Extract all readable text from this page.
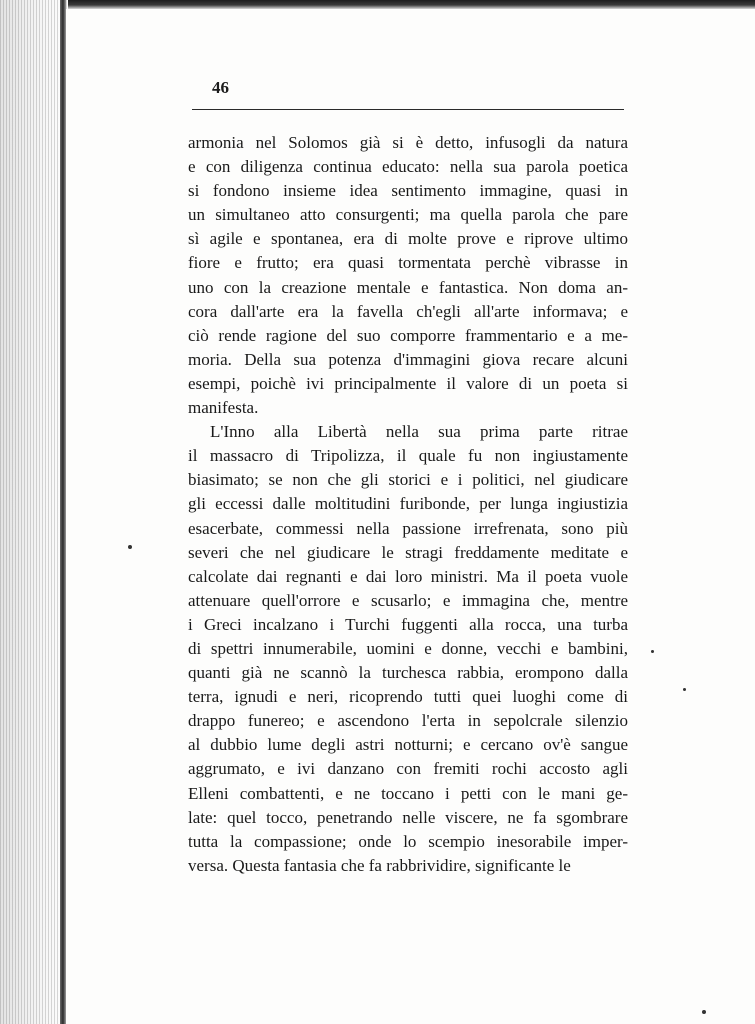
46
armonia nel Solomos già si è detto, infusogli da natura
e con diligenza continua educato: nella sua parola poetica
si fondono insieme idea sentimento immagine, quasi in
un simultaneo atto consurgenti; ma quella parola che pare
sì agile e spontanea, era di molte prove e riprove ultimo
fiore e frutto; era quasi tormentata perchè vibrasse in
uno con la creazione mentale e fantastica. Non doma an-
cora dall'arte era la favella ch'egli all'arte informava; e
ciò rende ragione del suo comporre frammentario e a me-
moria. Della sua potenza d'immagini giova recare alcuni
esempi, poichè ivi principalmente il valore di un poeta si
manifesta.
L'Inno alla Libertà nella sua prima parte ritrae
il massacro di Tripolizza, il quale fu non ingiustamente
biasimato; se non che gli storici e i politici, nel giudicare
gli eccessi dalle moltitudini furibonde, per lunga ingiustizia
esacerbate, commessi nella passione irrefrenata, sono più
severi che nel giudicare le stragi freddamente meditate e
calcolate dai regnanti e dai loro ministri. Ma il poeta vuole
attenuare quell'orrore e scusarlo; e immagina che, mentre
i Greci incalzano i Turchi fuggenti alla rocca, una turba
di spettri innumerabile, uomini e donne, vecchi e bambini,
quanti già ne scannò la turchesca rabbia, erompono dalla
terra, ignudi e neri, ricoprendo tutti quei luoghi come di
drappo funereo; e ascendono l'erta in sepolcrale silenzio
al dubbio lume degli astri notturni; e cercano ov'è sangue
aggrumato, e ivi danzano con fremiti rochi accosto agli
Elleni combattenti, e ne toccano i petti con le mani ge-
late: quel tocco, penetrando nelle viscere, ne fa sgombrare
tutta la compassione; onde lo scempio inesorabile imper-
versa. Questa fantasia che fa rabbrividire, significante le
